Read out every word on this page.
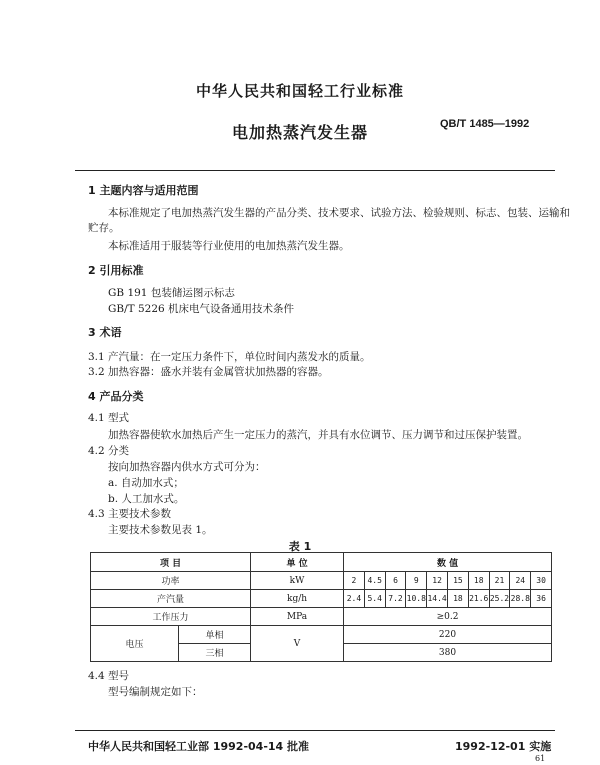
中华人民共和国轻工行业标准
QB/T 1485—1992
电加热蒸汽发生器
1 主题内容与适用范围
本标准规定了电加热蒸汽发生器的产品分类、技术要求、试验方法、检验规则、标志、包装、运输和
贮存。
本标准适用于服装等行业使用的电加热蒸汽发生器。
2 引用标准
GB 191 包装储运图示标志
GB/T 5226 机床电气设备通用技术条件
3 术语
3.1 产汽量：在一定压力条件下，单位时间内蒸发水的质量。
3.2 加热容器：盛水并装有金属管状加热器的容器。
4 产品分类
4.1 型式
加热容器使软水加热后产生一定压力的蒸汽，并具有水位调节、压力调节和过压保护装置。
4.2 分类
按向加热容器内供水方式可分为：
a. 自动加水式；
b. 人工加水式。
4.3 主要技术参数
主要技术参数见表 1。
表 1
项 目		单 位	数 值									
功率		kW	2	4.5	6	9	12	15	18	21	24	30
产汽量		kg/h	2.4	5.4	7.2	10.8	14.4	18	21.6	25.2	28.8	36
工作压力		MPa	≥0.2									
电压	单相	V	220									
	三相		380									
4.4 型号
型号编制规定如下：
中华人民共和国轻工业部 1992-04-14 批准	1992-12-01 实施
61
